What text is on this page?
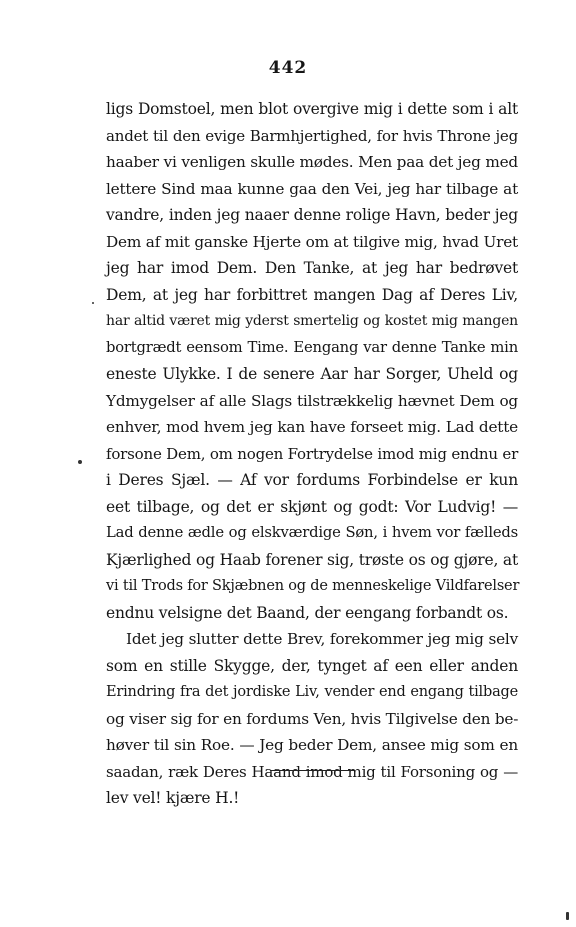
442
ligs Domstoel, men blot overgive mig i dette som i alt
andet til den evige Barmhjertighed, for hvis Throne jeg
haaber vi venligen skulle mødes. Men paa det jeg med
lettere Sind maa kunne gaa den Vei, jeg har tilbage at
vandre, inden jeg naaer denne rolige Havn, beder jeg
Dem af mit ganske Hjerte om at tilgive mig, hvad Uret
jeg har imod Dem. Den Tanke, at jeg har bedrøvet
Dem, at jeg har forbittret mangen Dag af Deres Liv,
har altid været mig yderst smertelig og kostet mig mangen
bortgrædt eensom Time. Eengang var denne Tanke min
eneste Ulykke. I de senere Aar har Sorger, Uheld og
Ydmygelser af alle Slags tilstrækkelig hævnet Dem og
enhver, mod hvem jeg kan have forseet mig. Lad dette
forsone Dem, om nogen Fortrydelse imod mig endnu er
i Deres Sjæl. — Af vor fordums Forbindelse er kun
eet tilbage, og det er skjønt og godt: Vor Ludvig! —
Lad denne ædle og elskværdige Søn, i hvem vor fælleds
Kjærlighed og Haab forener sig, trøste os og gjøre, at
vi til Trods for Skjæbnen og de menneskelige Vildfarelser
endnu velsigne det Baand, der eengang forbandt os.
Idet jeg slutter dette Brev, forekommer jeg mig selv
som en stille Skygge, der, tynget af een eller anden
Erindring fra det jordiske Liv, vender end engang tilbage
og viser sig for en fordums Ven, hvis Tilgivelse den be-
høver til sin Roe. — Jeg beder Dem, ansee mig som en
saadan, ræk Deres Haand imod mig til Forsoning og —
lev vel! kjære H.!
